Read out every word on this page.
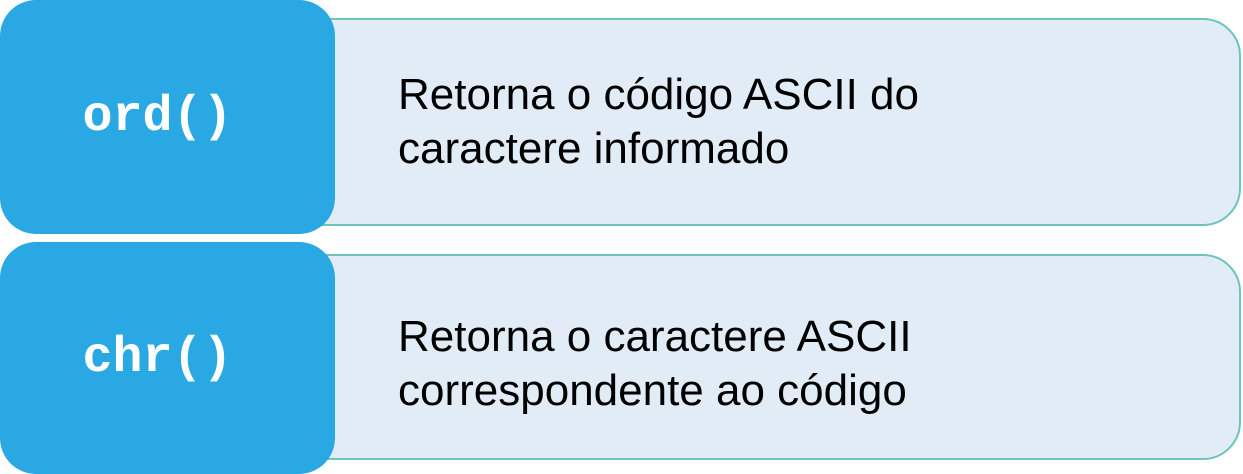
Retorna o código ASCII do
caractere informado
ord()
Retorna o caractere ASCII
correspondente ao código
chr()
